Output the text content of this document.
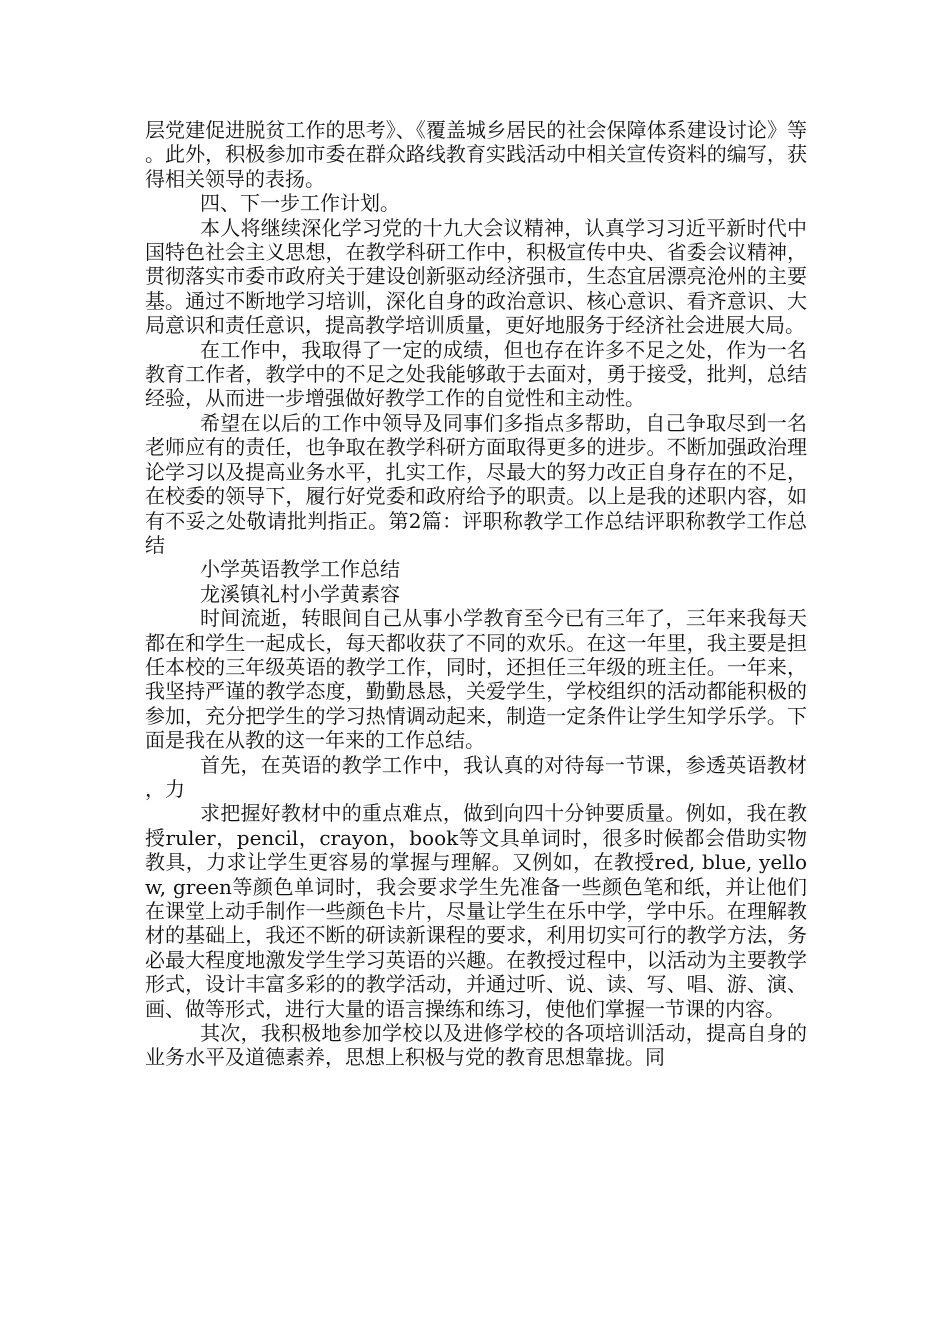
层党建促进脱贫工作的思考》、《覆盖城乡居民的社会保障体系建设讨论》等。此外，积极参加市委在群众路线教育实践活动中相关宣传资料的编写，获得相关领导的表扬。

四、下一步工作计划。

本人将继续深化学习党的十九大会议精神，认真学习习近平新时代中国特色社会主义思想，在教学科研工作中，积极宣传中央、省委会议精神，贯彻落实市委市政府关于建设创新驱动经济强市，生态宜居漂亮沧州的主要基。通过不断地学习培训，深化自身的政治意识、核心意识、看齐意识、大局意识和责任意识，提高教学培训质量，更好地服务于经济社会进展大局。

在工作中，我取得了一定的成绩，但也存在许多不足之处，作为一名教育工作者，教学中的不足之处我能够敢于去面对，勇于接受，批判，总结经验，从而进一步增强做好教学工作的自觉性和主动性。

希望在以后的工作中领导及同事们多指点多帮助，自己争取尽到一名老师应有的责任，也争取在教学科研方面取得更多的进步。不断加强政治理论学习以及提高业务水平，扎实工作，尽最大的努力改正自身存在的不足，在校委的领导下，履行好党委和政府给予的职责。以上是我的述职内容，如有不妥之处敬请批判指正。第2篇：评职称教学工作总结评职称教学工作总结

小学英语教学工作总结

龙溪镇礼村小学黄素容

时间流逝，转眼间自己从事小学教育至今已有三年了，三年来我每天都在和学生一起成长，每天都收获了不同的欢乐。在这一年里，我主要是担任本校的三年级英语的教学工作，同时，还担任三年级的班主任。一年来，我坚持严谨的教学态度，勤勤恳恳，关爱学生，学校组织的活动都能积极的参加，充分把学生的学习热情调动起来，制造一定条件让学生知学乐学。下面是我在从教的这一年来的工作总结。

首先，在英语的教学工作中，我认真的对待每一节课，参透英语教材，力

求把握好教材中的重点难点，做到向四十分钟要质量。例如，我在教授ruler，pencil，crayon，book等文具单词时，很多时候都会借助实物教具，力求让学生更容易的掌握与理解。又例如，在教授red, blue, yellow, green等颜色单词时，我会要求学生先准备一些颜色笔和纸，并让他们在课堂上动手制作一些颜色卡片，尽量让学生在乐中学，学中乐。在理解教材的基础上，我还不断的研读新课程的要求，利用切实可行的教学方法，务必最大程度地激发学生学习英语的兴趣。在教授过程中，以活动为主要教学形式，设计丰富多彩的的教学活动，并通过听、说、读、写、唱、游、演、画、做等形式，进行大量的语言操练和练习，使他们掌握一节课的内容。

其次，我积极地参加学校以及进修学校的各项培训活动，提高自身的业务水平及道德素养，思想上积极与党的教育思想靠拢。同
